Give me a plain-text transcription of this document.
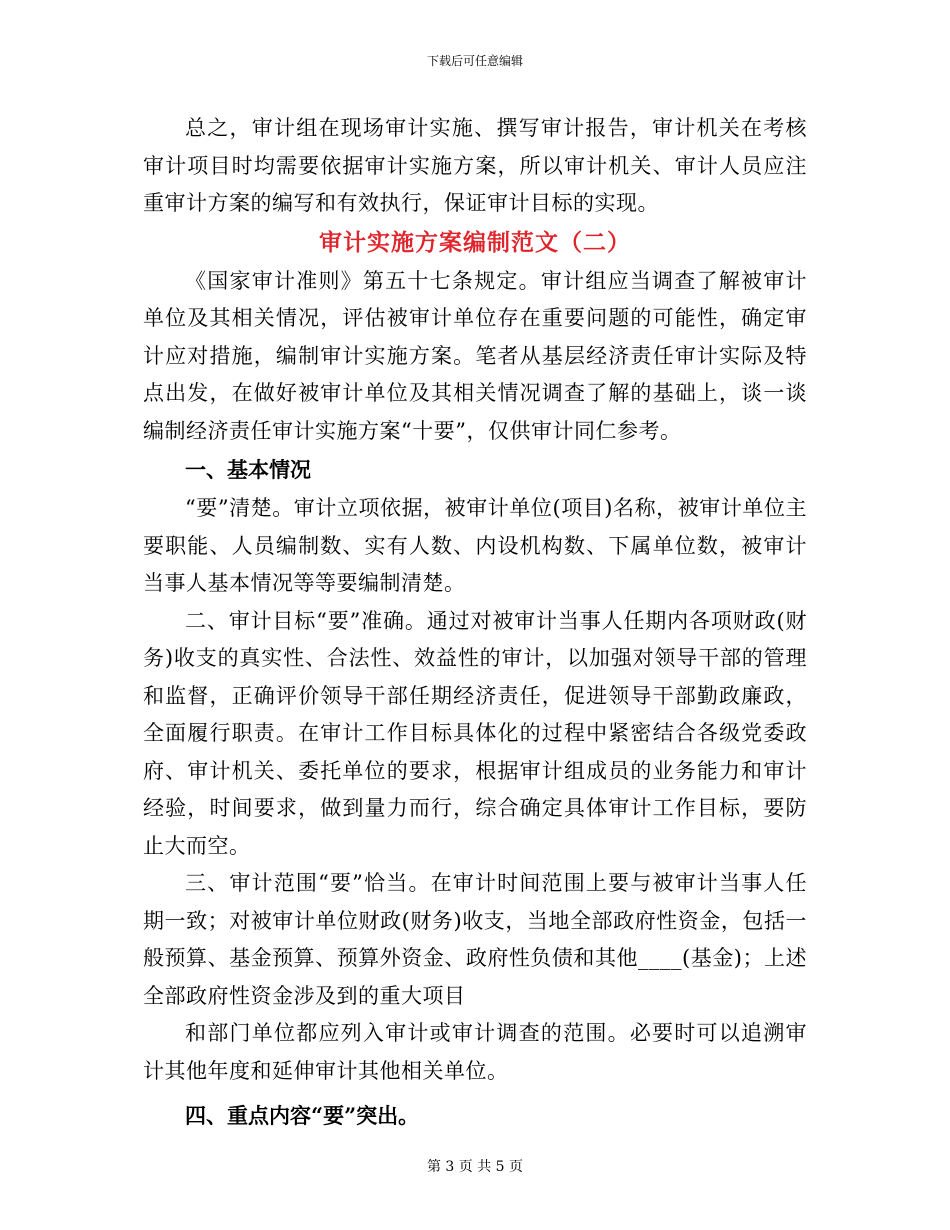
下载后可任意编辑

总之，审计组在现场审计实施、撰写审计报告，审计机关在考核审计项目时均需要依据审计实施方案，所以审计机关、审计人员应注重审计方案的编写和有效执行，保证审计目标的实现。

审计实施方案编制范文（二）

《国家审计准则》第五十七条规定。审计组应当调查了解被审计单位及其相关情况，评估被审计单位存在重要问题的可能性，确定审计应对措施，编制审计实施方案。笔者从基层经济责任审计实际及特点出发，在做好被审计单位及其相关情况调查了解的基础上，谈一谈编制经济责任审计实施方案“十要”，仅供审计同仁参考。

一、基本情况

“要”清楚。审计立项依据，被审计单位(项目)名称，被审计单位主要职能、人员编制数、实有人数、内设机构数、下属单位数，被审计当事人基本情况等等要编制清楚。

二、审计目标“要”准确。通过对被审计当事人任期内各项财政(财务)收支的真实性、合法性、效益性的审计，以加强对领导干部的管理和监督，正确评价领导干部任期经济责任，促进领导干部勤政廉政，全面履行职责。在审计工作目标具体化的过程中紧密结合各级党委政府、审计机关、委托单位的要求，根据审计组成员的业务能力和审计经验，时间要求，做到量力而行，综合确定具体审计工作目标，要防止大而空。

三、审计范围“要”恰当。在审计时间范围上要与被审计当事人任期一致；对被审计单位财政(财务)收支，当地全部政府性资金，包括一般预算、基金预算、预算外资金、政府性负债和其他____(基金)；上述全部政府性资金涉及到的重大项目

和部门单位都应列入审计或审计调查的范围。必要时可以追溯审计其他年度和延伸审计其他相关单位。

四、重点内容“要”突出。
第 3 页 共 5 页
